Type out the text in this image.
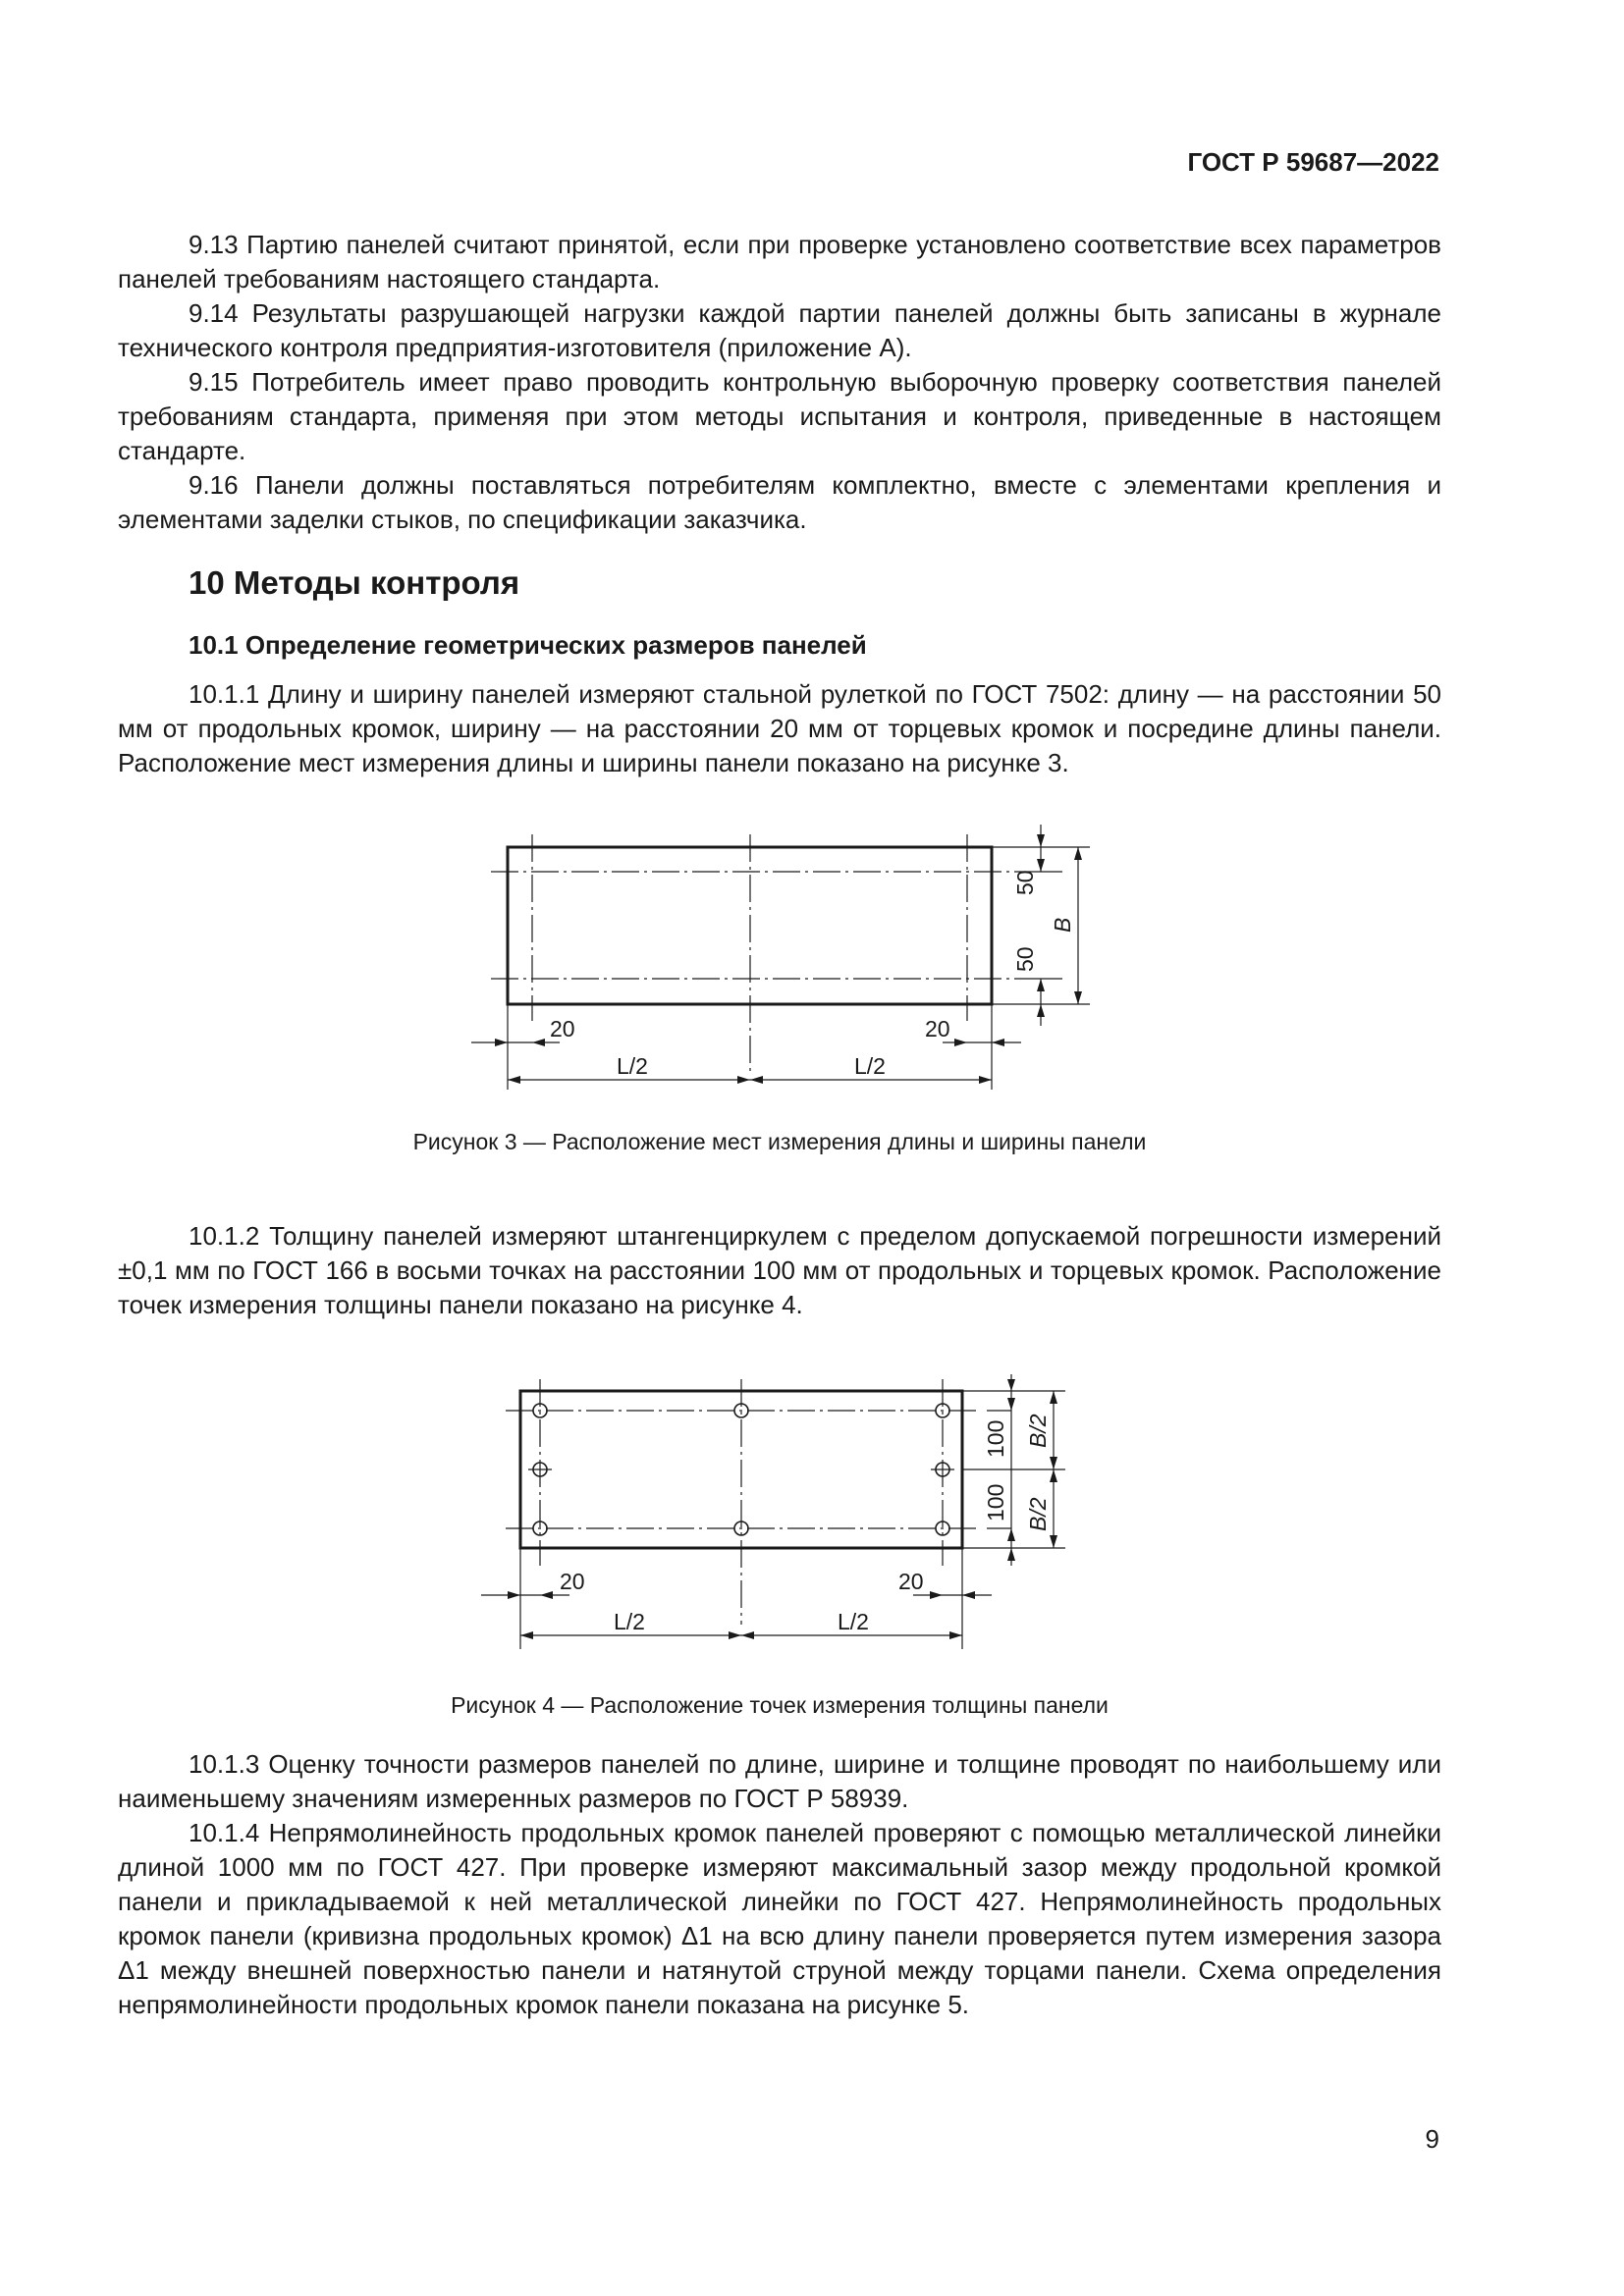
ГОСТ Р 59687—2022

9.13 Партию панелей считают принятой, если при проверке установлено соответствие всех параметров панелей требованиям настоящего стандарта.

9.14 Результаты разрушающей нагрузки каждой партии панелей должны быть записаны в журнале технического контроля предприятия-изготовителя (приложение А).

9.15 Потребитель имеет право проводить контрольную выборочную проверку соответствия панелей требованиям стандарта, применяя при этом методы испытания и контроля, приведенные в настоящем стандарте.

9.16 Панели должны поставляться потребителям комплектно, вместе с элементами крепления и элементами заделки стыков, по спецификации заказчика.

10 Методы контроля
10.1 Определение геометрических размеров панелей

10.1.1 Длину и ширину панелей измеряют стальной рулеткой по ГОСТ 7502: длину — на расстоянии 50 мм от продольных кромок, ширину — на расстоянии 20 мм от торцевых кромок и посредине длины панели. Расположение мест измерения длины и ширины панели показано на рисунке 3.

50
50
B
20	20
L/2	L/2
Рисунок 3 — Расположение мест измерения длины и ширины панели

10.1.2 Толщину панелей измеряют штангенциркулем с пределом допускаемой погрешности измерений ±0,1 мм по ГОСТ 166 в восьми точках на расстоянии 100 мм от продольных и торцевых кромок. Расположение точек измерения толщины панели показано на рисунке 4.

100
100
B/2
B/2
20	20
L/2	L/2
Рисунок 4 — Расположение точек измерения толщины панели

10.1.3 Оценку точности размеров панелей по длине, ширине и толщине проводят по наибольшему или наименьшему значениям измеренных размеров по ГОСТ Р 58939.

10.1.4 Непрямолинейность продольных кромок панелей проверяют с помощью металлической линейки длиной 1000 мм по ГОСТ 427. При проверке измеряют максимальный зазор между продольной кромкой панели и прикладываемой к ней металлической линейки по ГОСТ 427. Непрямолинейность продольных кромок панели (кривизна продольных кромок) Δ1 на всю длину панели проверяется путем измерения зазора Δ1 между внешней поверхностью панели и натянутой струной между торцами панели. Схема определения непрямолинейности продольных кромок панели показана на рисунке 5.

9
